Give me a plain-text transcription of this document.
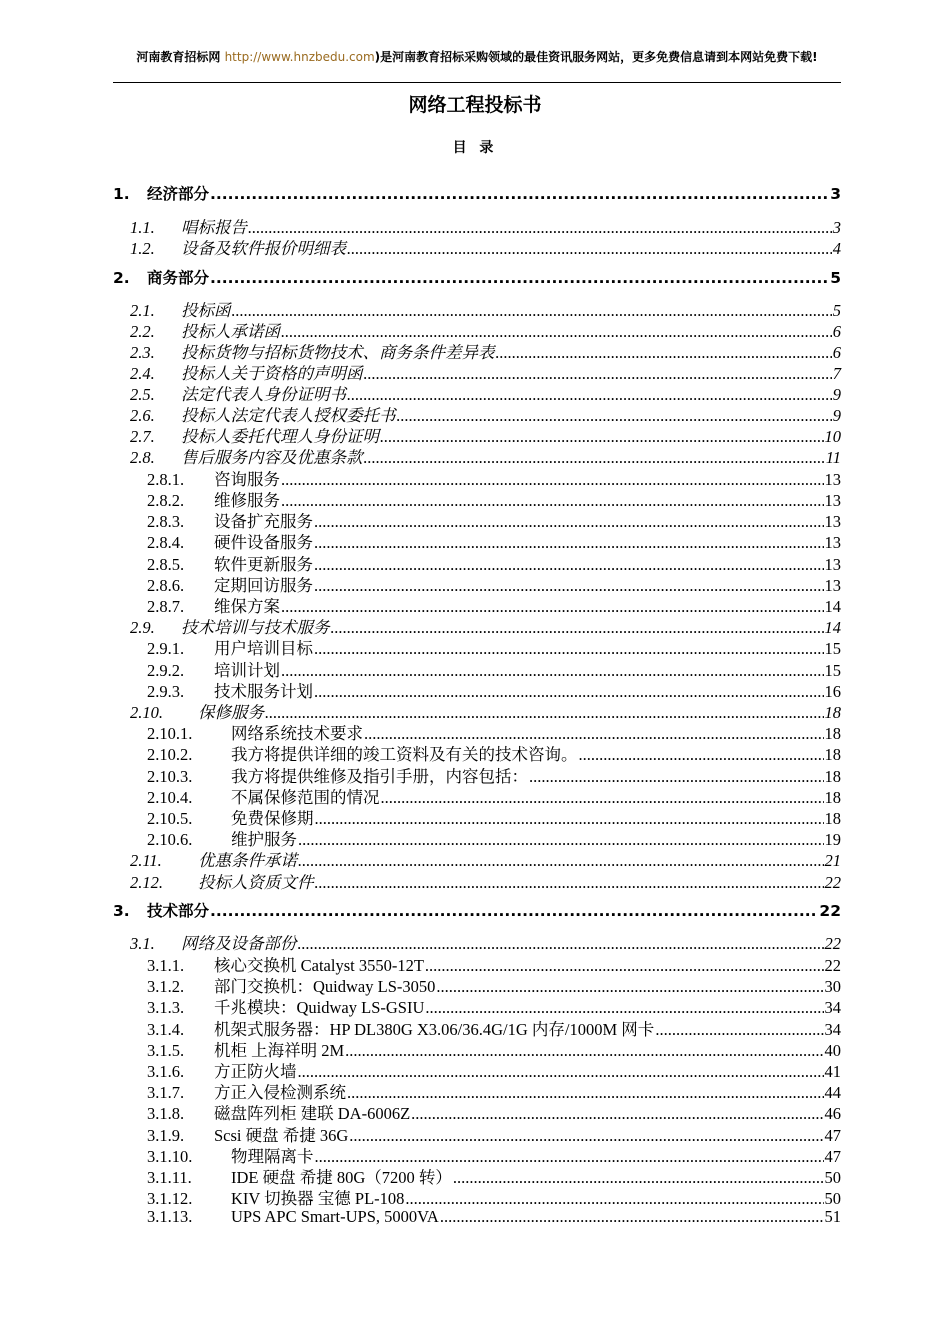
河南教育招标网 http://www.hnzbedu.com)是河南教育招标采购领域的最佳资讯服务网站，更多免费信息请到本网站免费下载!
网络工程投标书
目 录
1.	经济部分 .....	3
1.1.	唱标报告 .....	3
1.2.	设备及软件报价明细表 .....	4
2.	商务部分 .....	5
2.1.	投标函 .....	5
2.2.	投标人承诺函 .....	6
2.3.	投标货物与招标货物技术、商务条件差异表 .....	6
2.4.	投标人关于资格的声明函 .....	7
2.5.	法定代表人身份证明书 .....	9
2.6.	投标人法定代表人授权委托书 .....	9
2.7.	投标人委托代理人身份证明 .....	10
2.8.	售后服务内容及优惠条款 .....	11
2.8.1.	咨询服务 .....	13
2.8.2.	维修服务 .....	13
2.8.3.	设备扩充服务 .....	13
2.8.4.	硬件设备服务 .....	13
2.8.5.	软件更新服务 .....	13
2.8.6.	定期回访服务 .....	13
2.8.7.	维保方案 .....	14
2.9.	技术培训与技术服务 .....	14
2.9.1.	用户培训目标 .....	15
2.9.2.	培训计划 .....	15
2.9.3.	技术服务计划 .....	16
2.10.	保修服务 .....	18
2.10.1.	网络系统技术要求 .....	18
2.10.2.	我方将提供详细的竣工资料及有关的技术咨询。 .....	18
2.10.3.	我方将提供维修及指引手册，内容包括： .....	18
2.10.4.	不属保修范围的情况 .....	18
2.10.5.	免费保修期 .....	18
2.10.6.	维护服务 .....	19
2.11.	优惠条件承诺 .....	21
2.12.	投标人资质文件 .....	22
3.	技术部分 .....	22
3.1.	网络及设备部份 .....	22
3.1.1.	核心交换机 Catalyst 3550-12T .....	22
3.1.2.	部门交换机：Quidway LS-3050 .....	30
3.1.3.	千兆模块：Quidway LS-GSIU .....	34
3.1.4.	机架式服务器：HP DL380G X3.06/36.4G/1G 内存/1000M 网卡 .....	34
3.1.5.	机柜 上海祥明 2M .....	40
3.1.6.	方正防火墙 .....	41
3.1.7.	方正入侵检测系统 .....	44
3.1.8.	磁盘阵列柜 建联 DA-6006Z .....	46
3.1.9.	Scsi 硬盘 希捷 36G .....	47
3.1.10.	物理隔离卡 .....	47
3.1.11.	IDE 硬盘 希捷 80G（7200 转） .....	50
3.1.12.	KIV 切换器 宝德 PL-108 .....	50
3.1.13.	UPS APC Smart-UPS, 5000VA .....	51
